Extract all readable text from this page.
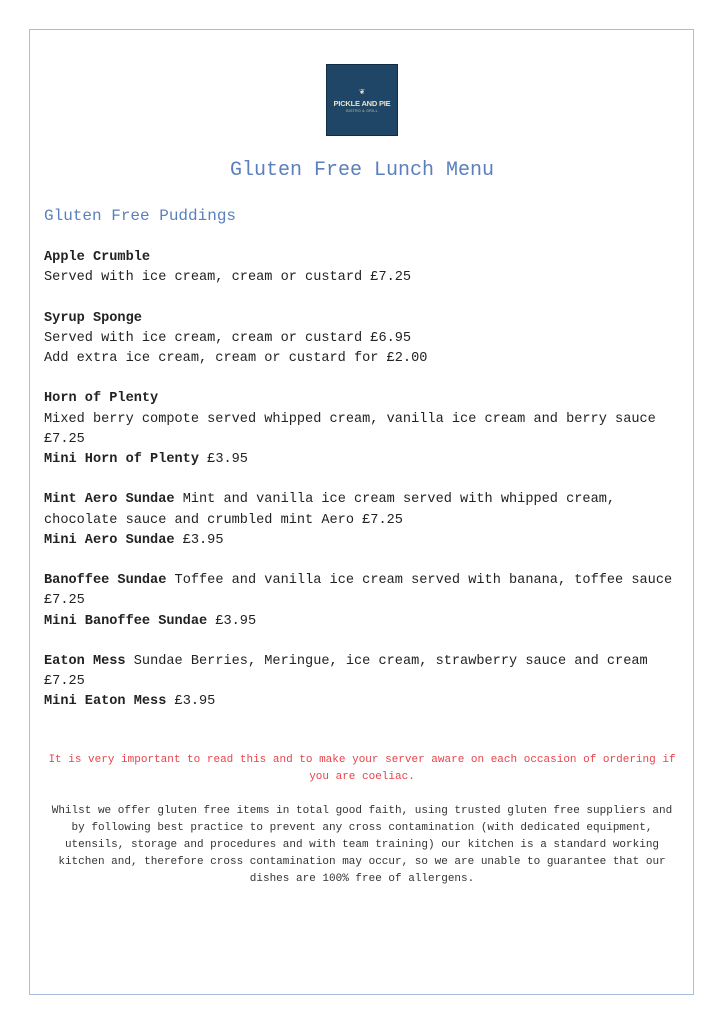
❦
PICKLE AND PIE
BISTRO & GRILL
Gluten Free Lunch Menu
Gluten Free Puddings

Apple Crumble

Served with ice cream, cream or custard £7.25

Syrup Sponge

Served with ice cream, cream or custard £6.95

Add extra ice cream, cream or custard for £2.00

Horn of Plenty

Mixed berry compote served whipped cream, vanilla ice cream and berry sauce £7.25

Mini Horn of Plenty £3.95

Mint Aero Sundae Mint and vanilla ice cream served with whipped cream, chocolate sauce and crumbled mint Aero £7.25

Mini Aero Sundae £3.95

Banoffee Sundae Toffee and vanilla ice cream served with banana, toffee sauce £7.25

Mini Banoffee Sundae £3.95

Eaton Mess Sundae Berries, Meringue, ice cream, strawberry sauce and cream £7.25

Mini Eaton Mess £3.95

It is very important to read this and to make your server aware on each occasion of ordering if you are coeliac.

Whilst we offer gluten free items in total good faith, using trusted gluten free suppliers and by following best practice to prevent any cross contamination (with dedicated equipment, utensils, storage and procedures and with team training) our kitchen is a standard working kitchen and, therefore cross contamination may occur, so we are unable to guarantee that our dishes are 100% free of allergens.
